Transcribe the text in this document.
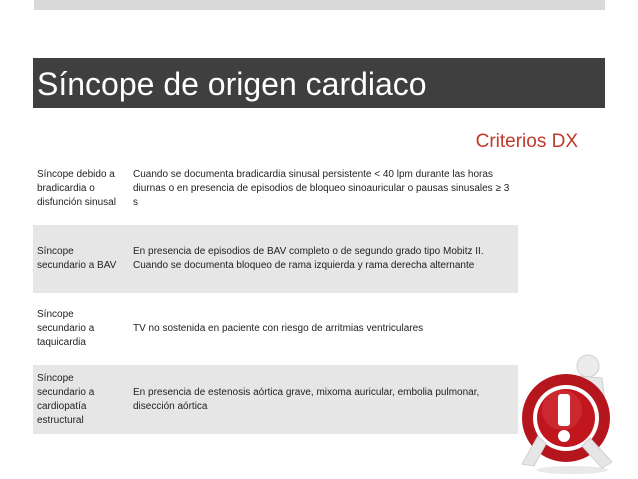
Síncope de origen cardiaco
Criterios DX
Síncope debido a bradicardia o disfunción sinusal	Cuando se documenta bradicardia sinusal persistente < 40 lpm durante las horas diurnas o en presencia de episodios de bloqueo sinoauricular o pausas sinusales ≥ 3 s
Síncope secundario a BAV	En presencia de episodios de BAV completo o de segundo grado tipo Mobitz II. Cuando se documenta bloqueo de rama izquierda y rama derecha alternante
Síncope secundario a taquicardia	TV no sostenida en paciente con riesgo de arritmias ventriculares
Síncope secundario a cardiopatía estructural	En presencia de estenosis aórtica grave, mixoma auricular, embolia pulmonar, disección aórtica
